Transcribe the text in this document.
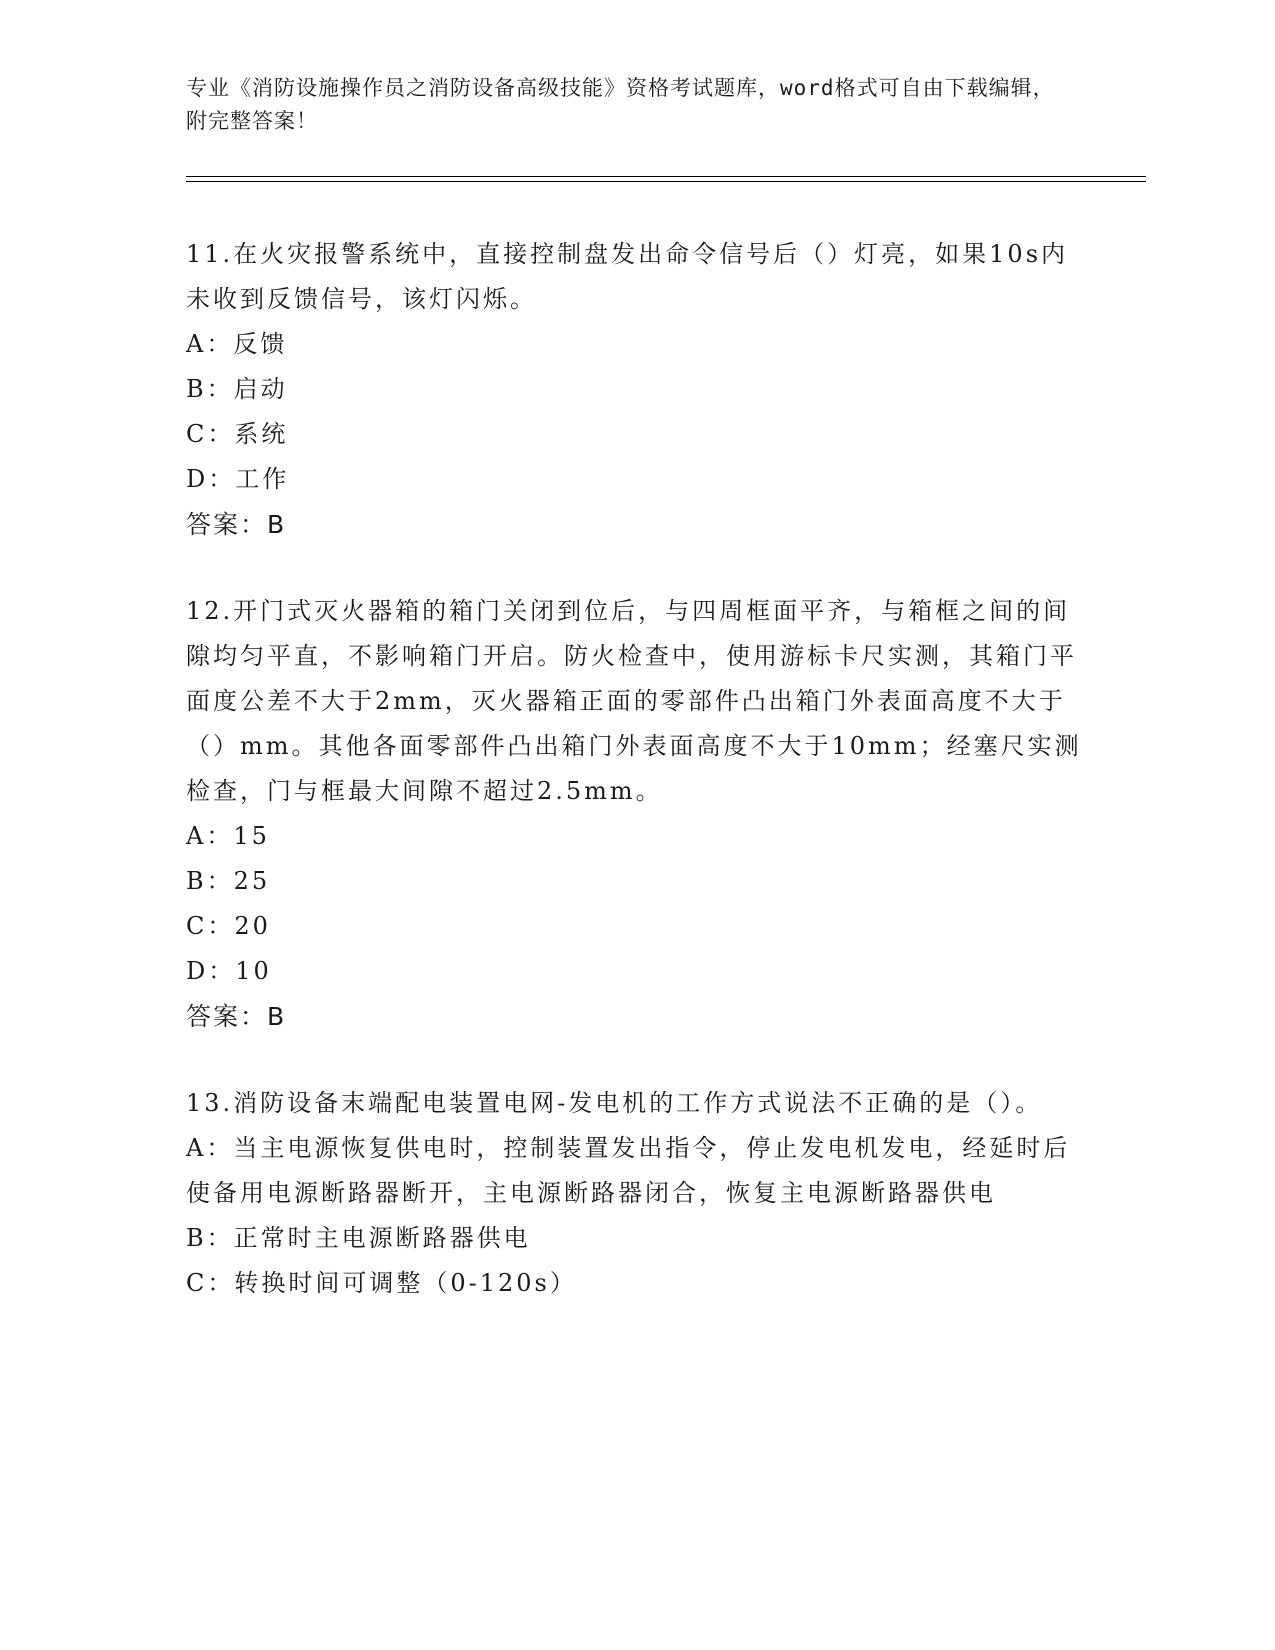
专业《消防设施操作员之消防设备高级技能》资格考试题库，word格式可自由下载编辑，附完整答案！
11.在火灾报警系统中，直接控制盘发出命令信号后（）灯亮，如果10s内未收到反馈信号，该灯闪烁。
A：反馈
B：启动
C：系统
D：工作
答案：B
12.开门式灭火器箱的箱门关闭到位后，与四周框面平齐，与箱框之间的间隙均匀平直，不影响箱门开启。防火检查中，使用游标卡尺实测，其箱门平面度公差不大于2mm，灭火器箱正面的零部件凸出箱门外表面高度不大于（）mm。其他各面零部件凸出箱门外表面高度不大于10mm；经塞尺实测检查，门与框最大间隙不超过2.5mm。
A：15
B：25
C：20
D：10
答案：B
13.消防设备末端配电装置电网-发电机的工作方式说法不正确的是（）。
A：当主电源恢复供电时，控制装置发出指令，停止发电机发电，经延时后使备用电源断路器断开，主电源断路器闭合，恢复主电源断路器供电
B：正常时主电源断路器供电
C：转换时间可调整（0-120s）
